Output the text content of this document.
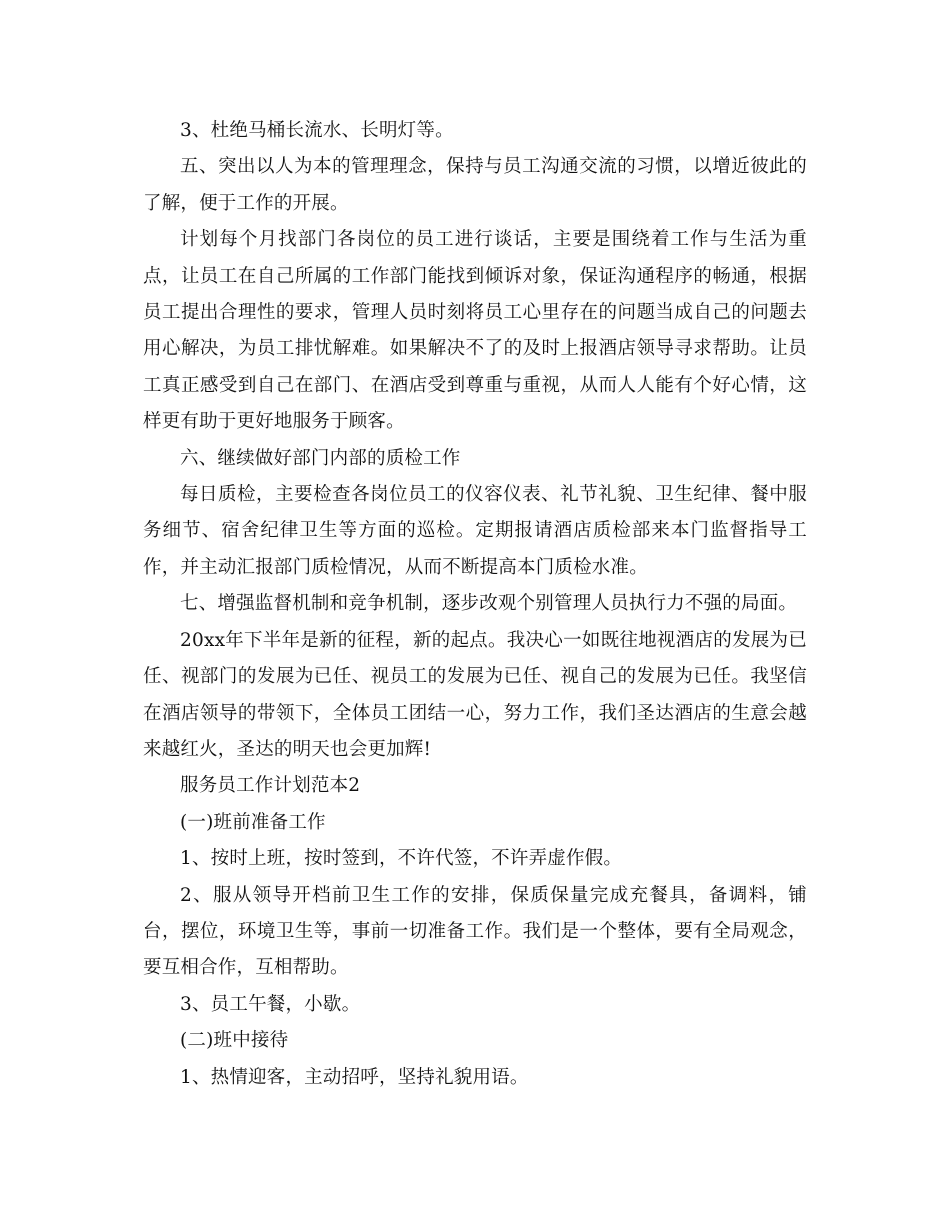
3、杜绝马桶长流水、长明灯等。

五、突出以人为本的管理理念，保持与员工沟通交流的习惯，以增近彼此的了解，便于工作的开展。

计划每个月找部门各岗位的员工进行谈话，主要是围绕着工作与生活为重点，让员工在自己所属的工作部门能找到倾诉对象，保证沟通程序的畅通，根据员工提出合理性的要求，管理人员时刻将员工心里存在的问题当成自己的问题去用心解决，为员工排忧解难。如果解决不了的及时上报酒店领导寻求帮助。让员工真正感受到自己在部门、在酒店受到尊重与重视，从而人人能有个好心情，这样更有助于更好地服务于顾客。

六、继续做好部门内部的质检工作

每日质检，主要检查各岗位员工的仪容仪表、礼节礼貌、卫生纪律、餐中服务细节、宿舍纪律卫生等方面的巡检。定期报请酒店质检部来本门监督指导工作，并主动汇报部门质检情况，从而不断提高本门质检水准。

七、增强监督机制和竞争机制，逐步改观个别管理人员执行力不强的局面。

20xx年下半年是新的征程，新的起点。我决心一如既往地视酒店的发展为已任、视部门的发展为已任、视员工的发展为已任、视自己的发展为已任。我坚信在酒店领导的带领下，全体员工团结一心，努力工作，我们圣达酒店的生意会越来越红火，圣达的明天也会更加辉!

服务员工作计划范本2

(一)班前准备工作

1、按时上班，按时签到，不许代签，不许弄虚作假。

2、服从领导开档前卫生工作的安排，保质保量完成充餐具，备调料，铺台，摆位，环境卫生等，事前一切准备工作。我们是一个整体，要有全局观念，要互相合作，互相帮助。

3、员工午餐，小歇。

(二)班中接待

1、热情迎客，主动招呼，坚持礼貌用语。
